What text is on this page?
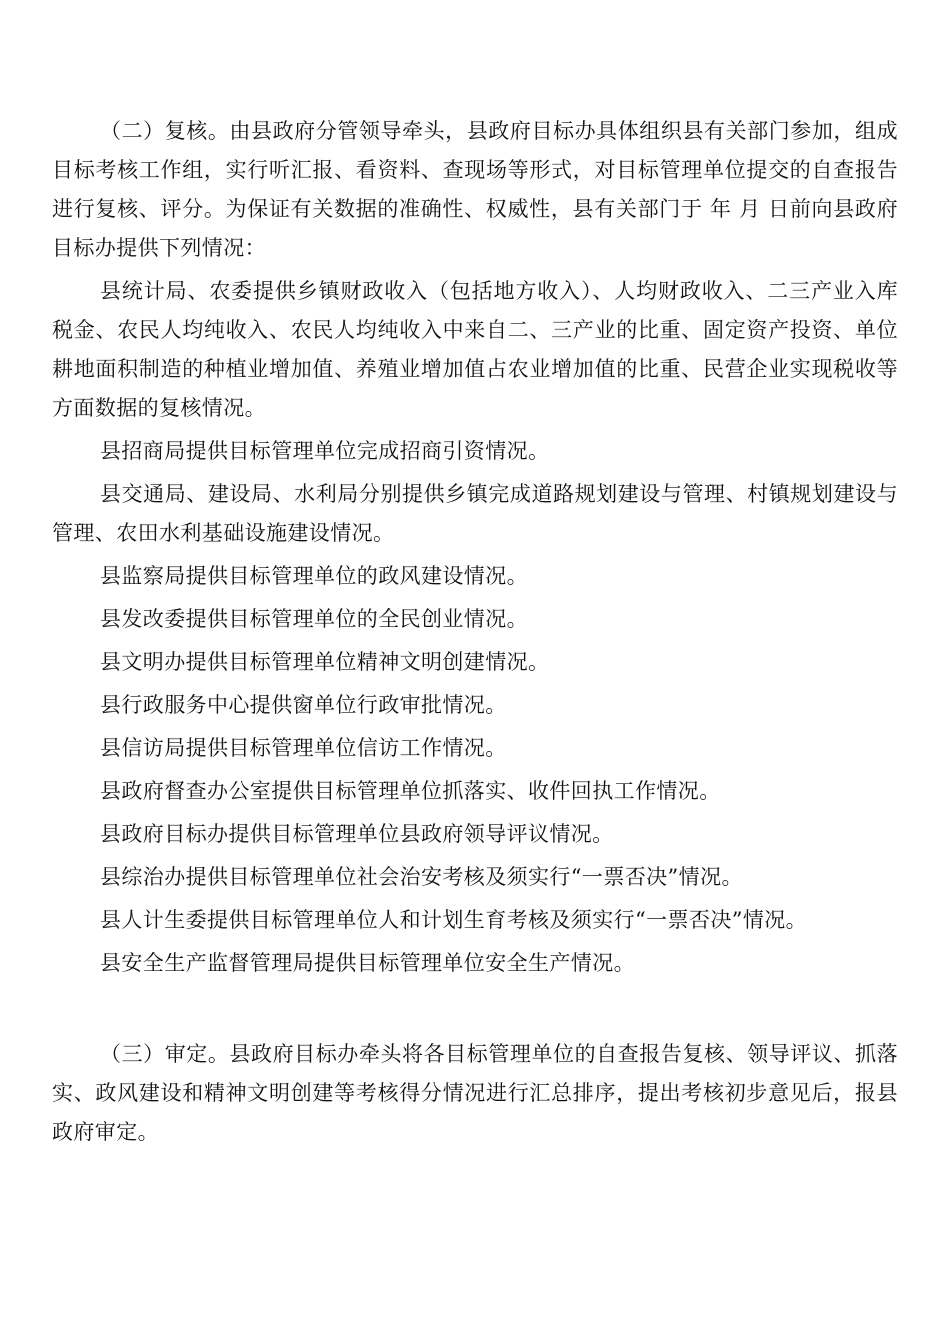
（二）复核。由县政府分管领导牵头，县政府目标办具体组织县有关部门参加，组成目标考核工作组，实行听汇报、看资料、查现场等形式，对目标管理单位提交的自查报告进行复核、评分。为保证有关数据的准确性、权威性，县有关部门于 年 月 日前向县政府目标办提供下列情况：

县统计局、农委提供乡镇财政收入（包括地方收入）、人均财政收入、二三产业入库税金、农民人均纯收入、农民人均纯收入中来自二、三产业的比重、固定资产投资、单位耕地面积制造的种植业增加值、养殖业增加值占农业增加值的比重、民营企业实现税收等方面数据的复核情况。

县招商局提供目标管理单位完成招商引资情况。

县交通局、建设局、水利局分别提供乡镇完成道路规划建设与管理、村镇规划建设与管理、农田水利基础设施建设情况。

县监察局提供目标管理单位的政风建设情况。

县发改委提供目标管理单位的全民创业情况。

县文明办提供目标管理单位精神文明创建情况。

县行政服务中心提供窗单位行政审批情况。

县信访局提供目标管理单位信访工作情况。

县政府督查办公室提供目标管理单位抓落实、收件回执工作情况。

县政府目标办提供目标管理单位县政府领导评议情况。

县综治办提供目标管理单位社会治安考核及须实行“一票否决”情况。

县人计生委提供目标管理单位人和计划生育考核及须实行“一票否决”情况。

县安全生产监督管理局提供目标管理单位安全生产情况。

（三）审定。县政府目标办牵头将各目标管理单位的自查报告复核、领导评议、抓落实、政风建设和精神文明创建等考核得分情况进行汇总排序，提出考核初步意见后，报县政府审定。
